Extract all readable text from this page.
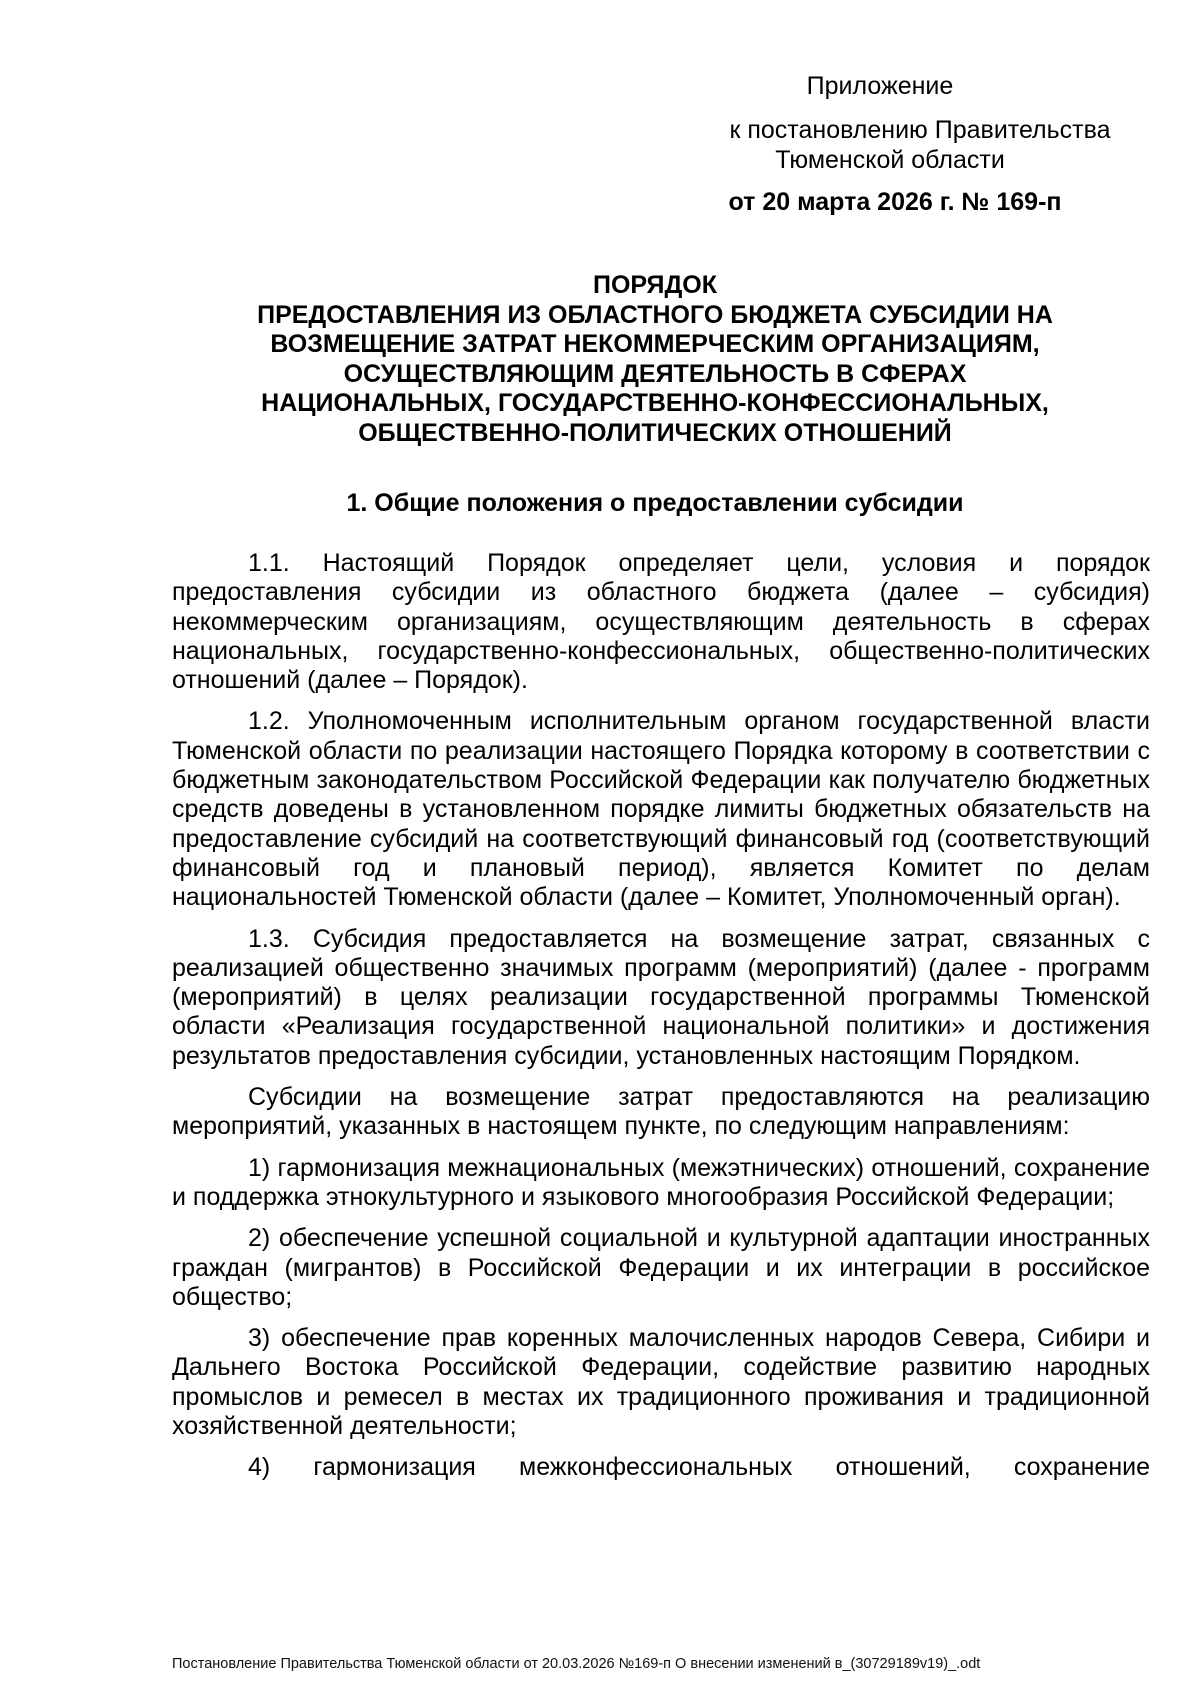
Приложение
к постановлению Правительства
Тюменской области
от 20 марта 2026 г. № 169-п
ПОРЯДОК
ПРЕДОСТАВЛЕНИЯ ИЗ ОБЛАСТНОГО БЮДЖЕТА СУБСИДИИ НА
ВОЗМЕЩЕНИЕ ЗАТРАТ НЕКОММЕРЧЕСКИМ ОРГАНИЗАЦИЯМ,
ОСУЩЕСТВЛЯЮЩИМ ДЕЯТЕЛЬНОСТЬ В СФЕРАХ
НАЦИОНАЛЬНЫХ, ГОСУДАРСТВЕННО-КОНФЕССИОНАЛЬНЫХ,
ОБЩЕСТВЕННО-ПОЛИТИЧЕСКИХ ОТНОШЕНИЙ
1. Общие положения о предоставлении субсидии

1.1. Настоящий Порядок определяет цели, условия и порядок предоставления субсидии из областного бюджета (далее – субсидия) некоммерческим организациям, осуществляющим деятельность в сферах национальных, государственно-конфессиональных, общественно-политических отношений (далее – Порядок).

1.2. Уполномоченным исполнительным органом государственной власти Тюменской области по реализации настоящего Порядка которому в соответствии с бюджетным законодательством Российской Федерации как получателю бюджетных средств доведены в установленном порядке лимиты бюджетных обязательств на предоставление субсидий на соответствующий финансовый год (соответствующий финансовый год и плановый период), является Комитет по делам национальностей Тюменской области (далее – Комитет, Уполномоченный орган).

1.3. Субсидия предоставляется на возмещение затрат, связанных с реализацией общественно значимых программ (мероприятий) (далее - программ (мероприятий) в целях реализации государственной программы Тюменской области «Реализация государственной национальной политики» и достижения результатов предоставления субсидии, установленных настоящим Порядком.

Субсидии на возмещение затрат предоставляются на реализацию мероприятий, указанных в настоящем пункте, по следующим направлениям:

1) гармонизация межнациональных (межэтнических) отношений, сохранение и поддержка этнокультурного и языкового многообразия Российской Федерации;

2) обеспечение успешной социальной и культурной адаптации иностранных граждан (мигрантов) в Российской Федерации и их интеграции в российское общество;

3) обеспечение прав коренных малочисленных народов Севера, Сибири и Дальнего Востока Российской Федерации, содействие развитию народных промыслов и ремесел в местах их традиционного проживания и традиционной хозяйственной деятельности;

4) гармонизация межконфессиональных отношений, сохранение

Постановление Правительства Тюменской области от 20.03.2026 №169-п О внесении изменений в_(30729189v19)_.odt
